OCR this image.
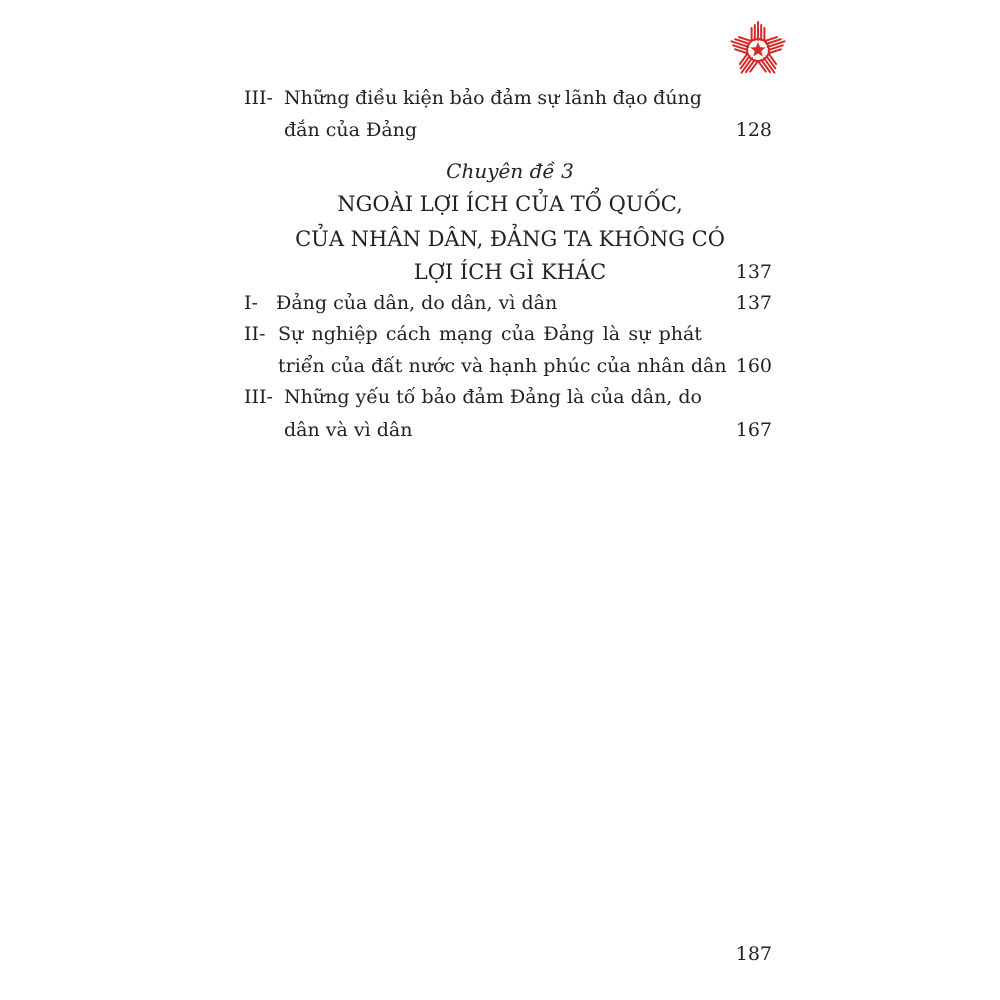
III- Những điều kiện bảo đảm sự lãnh đạo đúng
đắn của Đảng	128
Chuyên đề 3
NGOÀI LỢI ÍCH CỦA TỔ QUỐC,
CỦA NHÂN DÂN, ĐẢNG TA KHÔNG CÓ
LỢI ÍCH GÌ KHÁC	137
I- Đảng của dân, do dân, vì dân	137
II- Sự nghiệp cách mạng của Đảng là sự phát
triển của đất nước và hạnh phúc của nhân dân 160
III- Những yếu tố bảo đảm Đảng là của dân, do
dân và vì dân	167
187
